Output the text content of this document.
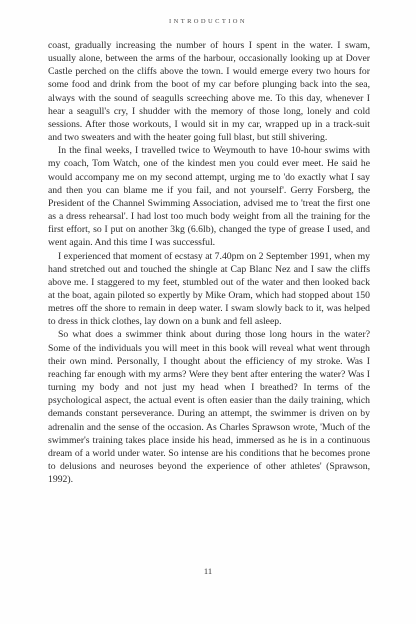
INTRODUCTION

coast, gradually increasing the number of hours I spent in the water. I swam, usually alone, between the arms of the harbour, occasionally looking up at Dover Castle perched on the cliffs above the town. I would emerge every two hours for some food and drink from the boot of my car before plunging back into the sea, always with the sound of seagulls screeching above me. To this day, whenever I hear a seagull's cry, I shudder with the memory of those long, lonely and cold sessions. After those workouts, I would sit in my car, wrapped up in a track-suit and two sweaters and with the heater going full blast, but still shivering.

In the final weeks, I travelled twice to Weymouth to have 10-hour swims with my coach, Tom Watch, one of the kindest men you could ever meet. He said he would accompany me on my second attempt, urging me to 'do exactly what I say and then you can blame me if you fail, and not yourself'. Gerry Forsberg, the President of the Channel Swimming Association, advised me to 'treat the first one as a dress rehearsal'. I had lost too much body weight from all the training for the first effort, so I put on another 3kg (6.6lb), changed the type of grease I used, and went again. And this time I was successful.

I experienced that moment of ecstasy at 7.40pm on 2 September 1991, when my hand stretched out and touched the shingle at Cap Blanc Nez and I saw the cliffs above me. I staggered to my feet, stumbled out of the water and then looked back at the boat, again piloted so expertly by Mike Oram, which had stopped about 150 metres off the shore to remain in deep water. I swam slowly back to it, was helped to dress in thick clothes, lay down on a bunk and fell asleep.

So what does a swimmer think about during those long hours in the water? Some of the individuals you will meet in this book will reveal what went through their own mind. Personally, I thought about the efficiency of my stroke. Was I reaching far enough with my arms? Were they bent after entering the water? Was I turning my body and not just my head when I breathed? In terms of the psychological aspect, the actual event is often easier than the daily training, which demands constant perseverance. During an attempt, the swimmer is driven on by adrenalin and the sense of the occasion. As Charles Sprawson wrote, 'Much of the swimmer's training takes place inside his head, immersed as he is in a continuous dream of a world under water. So intense are his conditions that he becomes prone to delusions and neuroses beyond the experience of other athletes' (Sprawson, 1992).

11
